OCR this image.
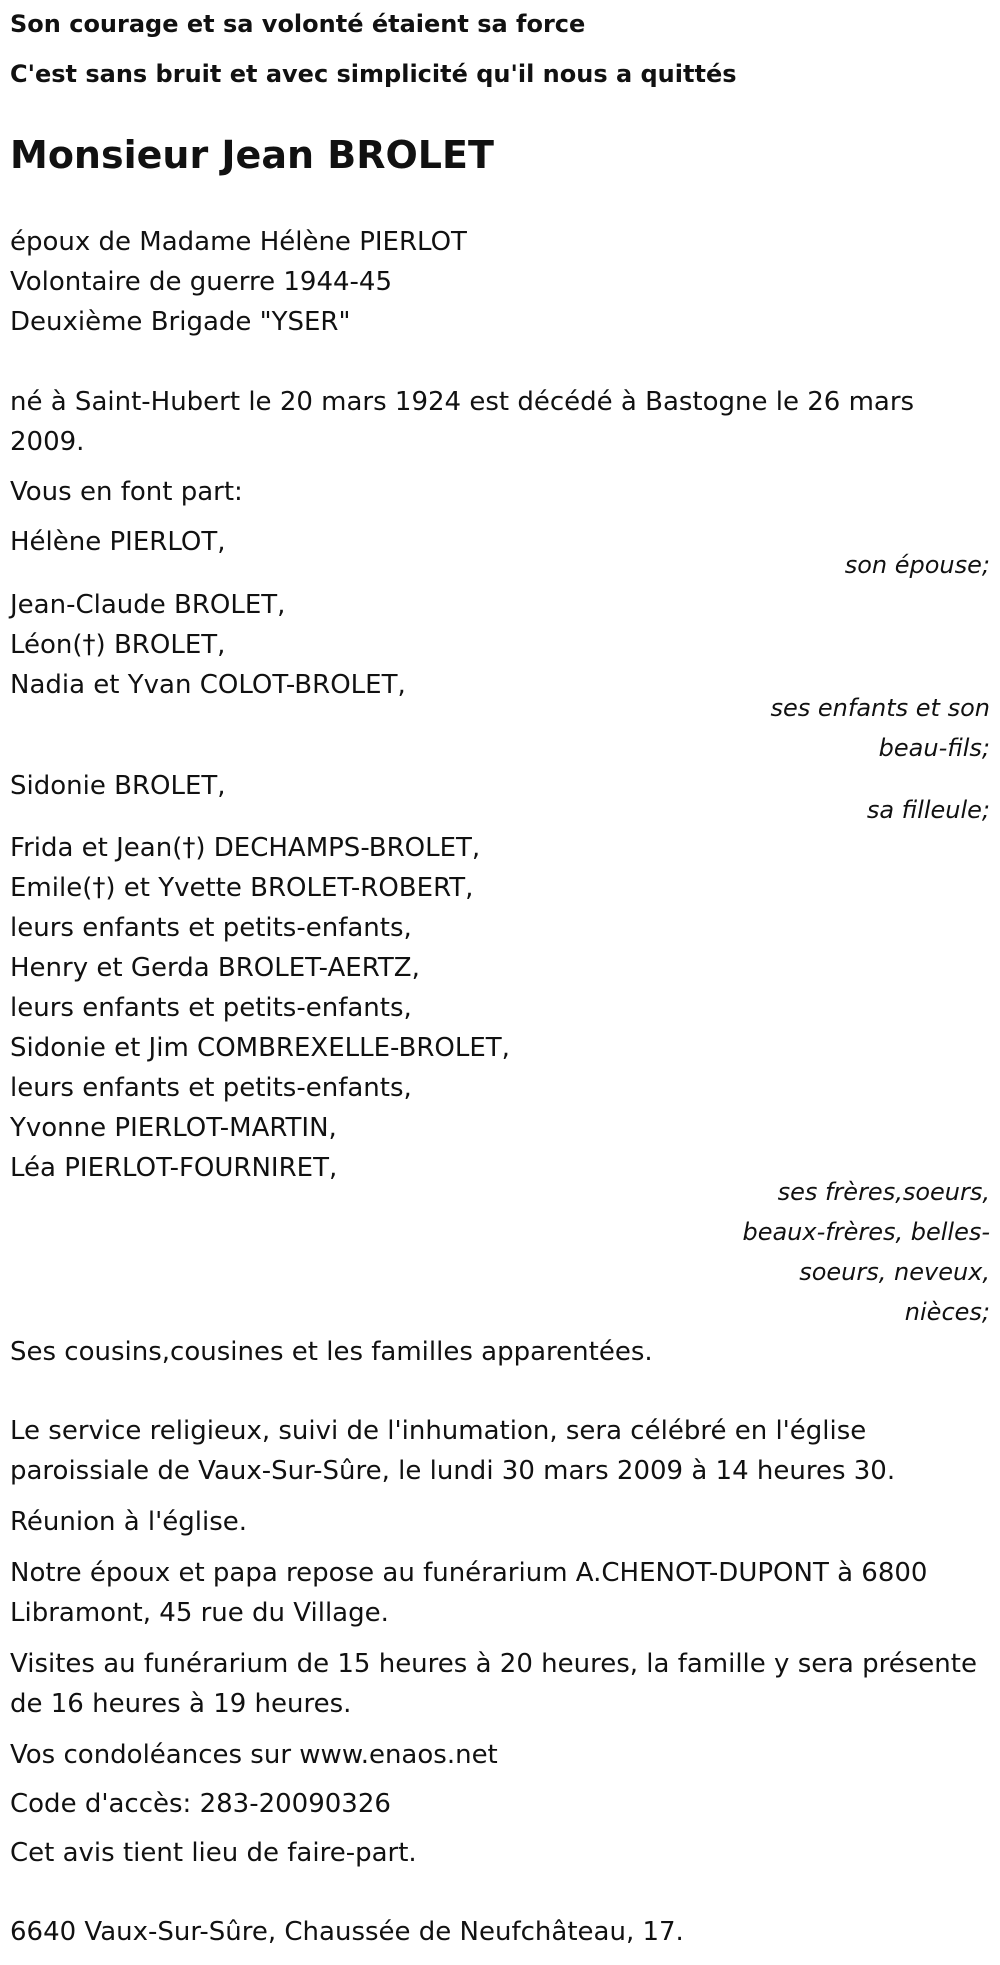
Son courage et sa volonté étaient sa force
C'est sans bruit et avec simplicité qu'il nous a quittés
Monsieur Jean BROLET
époux de Madame Hélène PIERLOT
Volontaire de guerre 1944-45
Deuxième Brigade "YSER"
né à Saint-Hubert le 20 mars 1924 est décédé à Bastogne le 26 mars
2009.
Vous en font part:
Hélène PIERLOT,
son épouse;
Jean-Claude BROLET,
Léon(†) BROLET,
Nadia et Yvan COLOT-BROLET,
ses enfants et son
beau-fils;
Sidonie BROLET,
sa filleule;
Frida et Jean(†) DECHAMPS-BROLET,
Emile(†) et Yvette BROLET-ROBERT,
leurs enfants et petits-enfants,
Henry et Gerda BROLET-AERTZ,
leurs enfants et petits-enfants,
Sidonie et Jim COMBREXELLE-BROLET,
leurs enfants et petits-enfants,
Yvonne PIERLOT-MARTIN,
Léa PIERLOT-FOURNIRET,
ses frères,soeurs,
beaux-frères, belles-
soeurs, neveux,
nièces;
Ses cousins,cousines et les familles apparentées.
Le service religieux, suivi de l'inhumation, sera célébré en l'église
paroissiale de Vaux-Sur-Sûre, le lundi 30 mars 2009 à 14 heures 30.
Réunion à l'église.
Notre époux et papa repose au funérarium A.CHENOT-DUPONT à 6800
Libramont, 45 rue du Village.
Visites au funérarium de 15 heures à 20 heures, la famille y sera présente
de 16 heures à 19 heures.
Vos condoléances sur www.enaos.net
Code d'accès: 283-20090326
Cet avis tient lieu de faire-part.
6640 Vaux-Sur-Sûre, Chaussée de Neufchâteau, 17.
